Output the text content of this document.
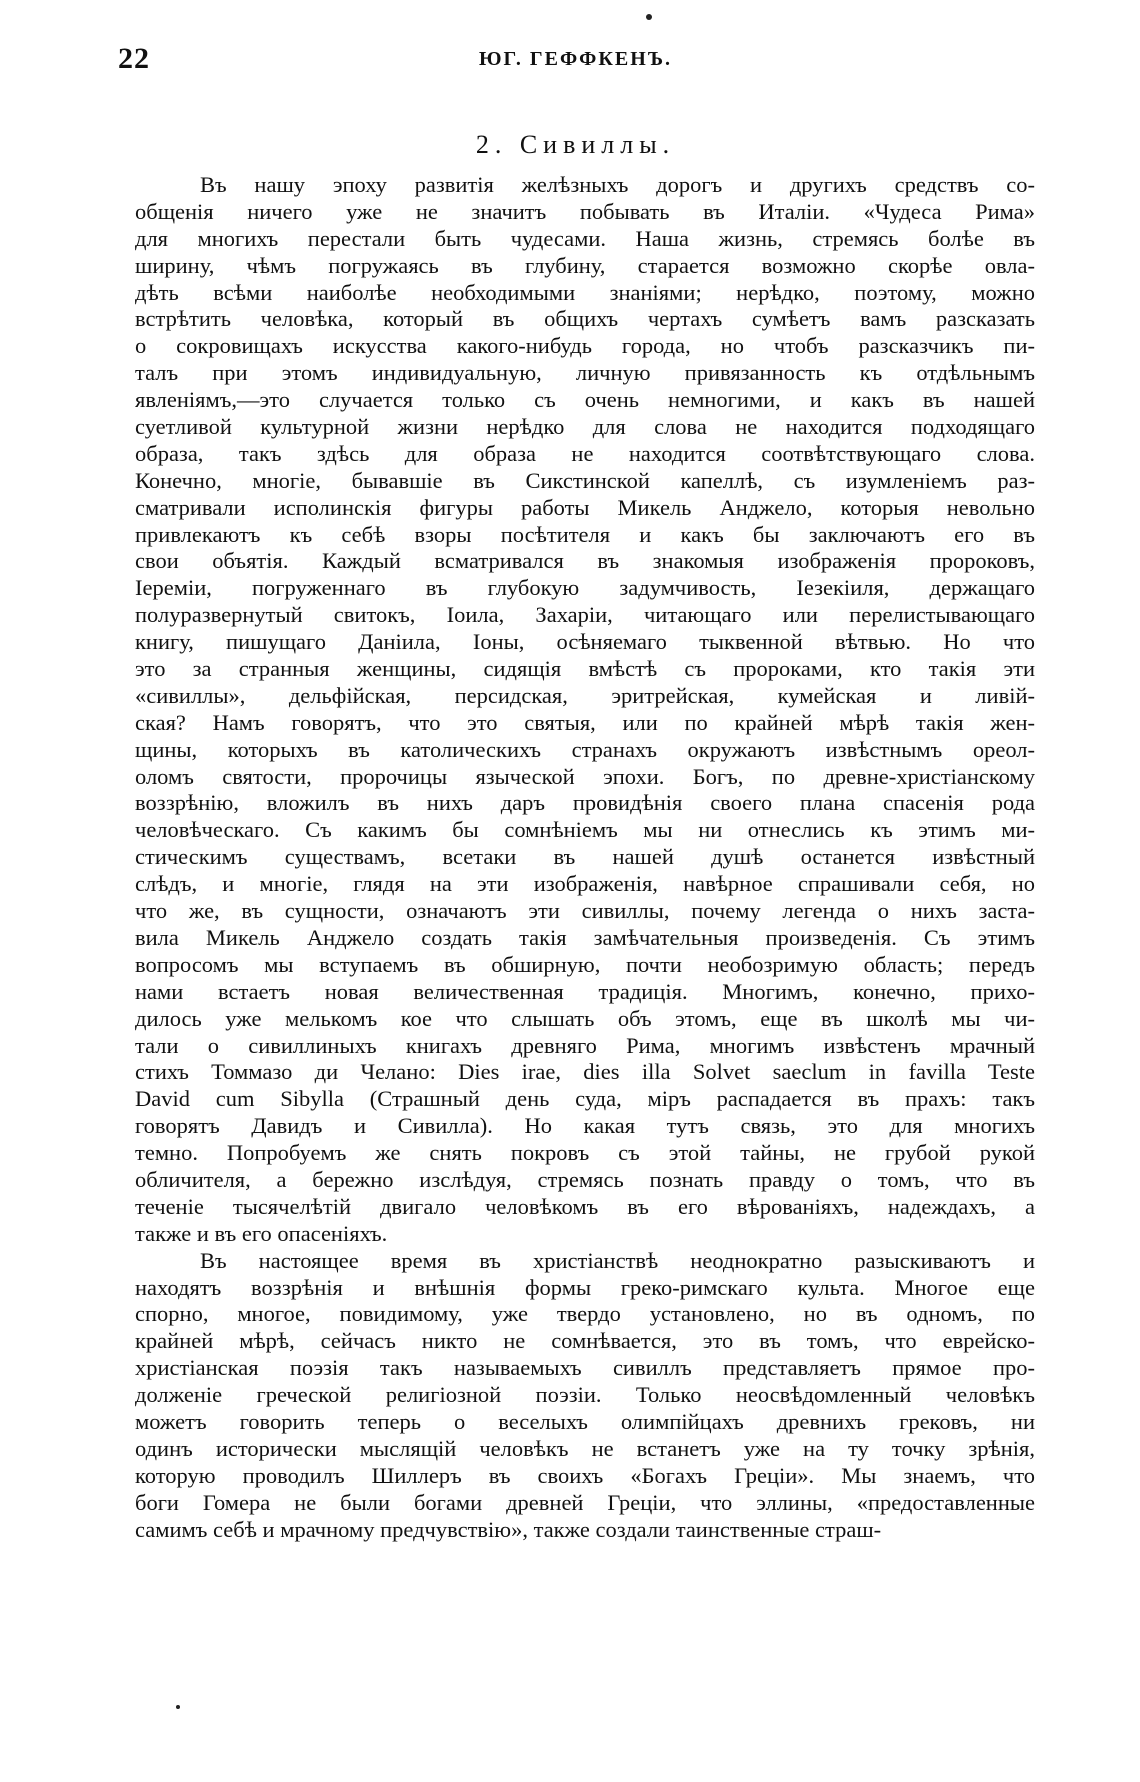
22	ЮГ. ГЕФФКЕНЪ.
2. Сивиллы.
Въ нашу эпоху развитія желѣзныхъ дорогъ и другихъ средствъ со-
общенія ничего уже не значитъ побывать въ Италіи. «Чудеса Рима»
для многихъ перестали быть чудесами. Наша жизнь, стремясь болѣе въ
ширину, чѣмъ погружаясь въ глубину, старается возможно скорѣе овла-
дѣть всѣми наиболѣе необходимыми знаніями; нерѣдко, поэтому, можно
встрѣтить человѣка, который въ общихъ чертахъ сумѣетъ вамъ разсказать
о сокровищахъ искусства какого-нибудь города, но чтобъ разсказчикъ пи-
талъ при этомъ индивидуальную, личную привязанность къ отдѣльнымъ
явленіямъ,—это случается только съ очень немногими, и какъ въ нашей
суетливой культурной жизни нерѣдко для слова не находится подходящаго
образа, такъ здѣсь для образа не находится соотвѣтствующаго слова.
Конечно, многіе, бывавшіе въ Сикстинской капеллѣ, съ изумленіемъ раз-
сматривали исполинскія фигуры работы Микель Анджело, которыя невольно
привлекаютъ къ себѣ взоры посѣтителя и какъ бы заключаютъ его въ
свои объятія. Каждый всматривался въ знакомыя изображенія пророковъ,
Іереміи, погруженнаго въ глубокую задумчивость, Іезекіиля, держащаго
полуразвернутый свитокъ, Іоила, Захаріи, читающаго или перелистывающаго
книгу, пишущаго Даніила, Іоны, осѣняемаго тыквенной вѣтвью. Но что
это за странныя женщины, сидящія вмѣстѣ съ пророками, кто такія эти
«сивиллы», дельфійская, персидская, эритрейская, кумейская и ливій-
ская? Намъ говорятъ, что это святыя, или по крайней мѣрѣ такія жен-
щины, которыхъ въ католическихъ странахъ окружаютъ извѣстнымъ ореол-
оломъ святости, пророчицы языческой эпохи. Богъ, по древне-христіанскому
воззрѣнію, вложилъ въ нихъ даръ провидѣнія своего плана спасенія рода
человѣческаго. Съ какимъ бы сомнѣніемъ мы ни отнеслись къ этимъ ми-
стическимъ существамъ, всетаки въ нашей душѣ останется извѣстный
слѣдъ, и многіе, глядя на эти изображенія, навѣрное спрашивали себя, но
что же, въ сущности, означаютъ эти сивиллы, почему легенда о нихъ заста-
вила Микель Анджело создать такія замѣчательныя произведенія. Съ этимъ
вопросомъ мы вступаемъ въ обширную, почти необозримую область; передъ
нами встаетъ новая величественная традиція. Многимъ, конечно, прихо-
дилось уже мелькомъ кое что слышать объ этомъ, еще въ школѣ мы чи-
тали о сивиллиныхъ книгахъ древняго Рима, многимъ извѣстенъ мрачный
стихъ Томмазо ди Челано: Dies irae, dies illa Solvet saeclum in favilla Teste
David cum Sibylla (Страшный день суда, міръ распадается въ прахъ: такъ
говорятъ Давидъ и Сивилла). Но какая тутъ связь, это для многихъ
темно. Попробуемъ же снять покровъ съ этой тайны, не грубой рукой
обличителя, а бережно изслѣдуя, стремясь познать правду о томъ, что въ
теченіе тысячелѣтій двигало человѣкомъ въ его вѣрованіяхъ, надеждахъ, а
также и въ его опасеніяхъ.
Въ настоящее время въ христіанствѣ неоднократно разыскиваютъ и
находятъ воззрѣнія и внѣшнія формы греко-римскаго культа. Многое еще
спорно, многое, повидимому, уже твердо установлено, но въ одномъ, по
крайней мѣрѣ, сейчасъ никто не сомнѣвается, это въ томъ, что еврейско-
христіанская поэзія такъ называемыхъ сивиллъ представляетъ прямое про-
долженіе греческой религіозной поэзіи. Только неосвѣдомленный человѣкъ
можетъ говорить теперь о веселыхъ олимпійцахъ древнихъ грековъ, ни
одинъ исторически мыслящій человѣкъ не встанетъ уже на ту точку зрѣнія,
которую проводилъ Шиллеръ въ своихъ «Богахъ Греціи». Мы знаемъ, что
боги Гомера не были богами древней Греціи, что эллины, «предоставленные
самимъ себѣ и мрачному предчувствію», также создали таинственные страш-
